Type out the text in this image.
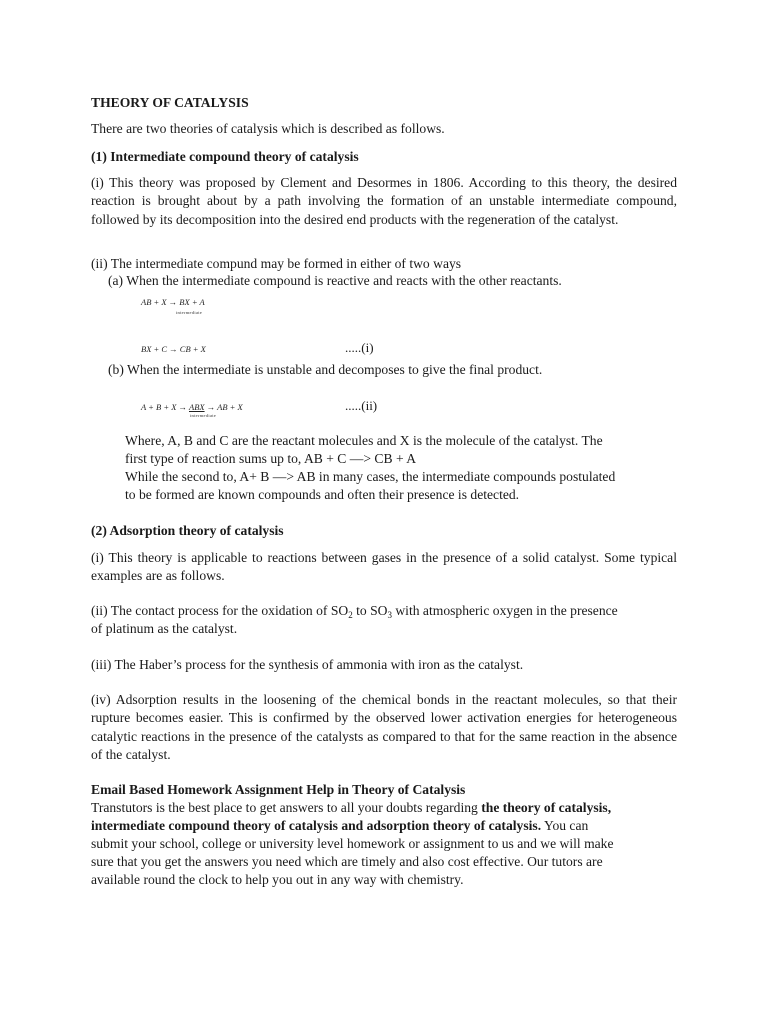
THEORY OF CATALYSIS
There are two theories of catalysis which is described as follows.
(1) Intermediate compound theory of catalysis
(i) This theory was proposed by Clement and Desormes in 1806. According to this theory, the desired reaction is brought about by a path involving the formation of an unstable intermediate compound, followed by its decomposition into the desired end products with the regeneration of the catalyst.
(ii) The intermediate compund may be formed in either of two ways
(a) When the intermediate compound is reactive and reacts with the other reactants.
AB + X → BX + A
intermediate
BX + C → CB + X	.....(i)
(b) When the intermediate is unstable and decomposes to give the final product.
A + B + X → ABX → AB + X
intermediate
.....(ii)
Where, A, B and C are the reactant molecules and X is the molecule of the catalyst. The
first type of reaction sums up to, AB + C —> CB + A
While the second to, A+ B —> AB in many cases, the intermediate compounds postulated
to be formed are known compounds and often their presence is detected.
(2) Adsorption theory of catalysis
(i) This theory is applicable to reactions between gases in the presence of a solid catalyst. Some typical examples are as follows.
(ii) The contact process for the oxidation of $SO_2$ to $SO_3$ with atmospheric oxygen in the presence
of platinum as the catalyst.
(iii) The Haber’s process for the synthesis of ammonia with iron as the catalyst.
(iv) Adsorption results in the loosening of the chemical bonds in the reactant molecules, so that their rupture becomes easier. This is confirmed by the observed lower activation energies for heterogeneous catalytic reactions in the presence of the catalysts as compared to that for the same reaction in the absence of the catalyst.
Email Based Homework Assignment Help in Theory of Catalysis
Transtutors is the best place to get answers to all your doubts regarding the theory of catalysis,
intermediate compound theory of catalysis and adsorption theory of catalysis. You can
submit your school, college or university level homework or assignment to us and we will make
sure that you get the answers you need which are timely and also cost effective. Our tutors are
available round the clock to help you out in any way with chemistry.
